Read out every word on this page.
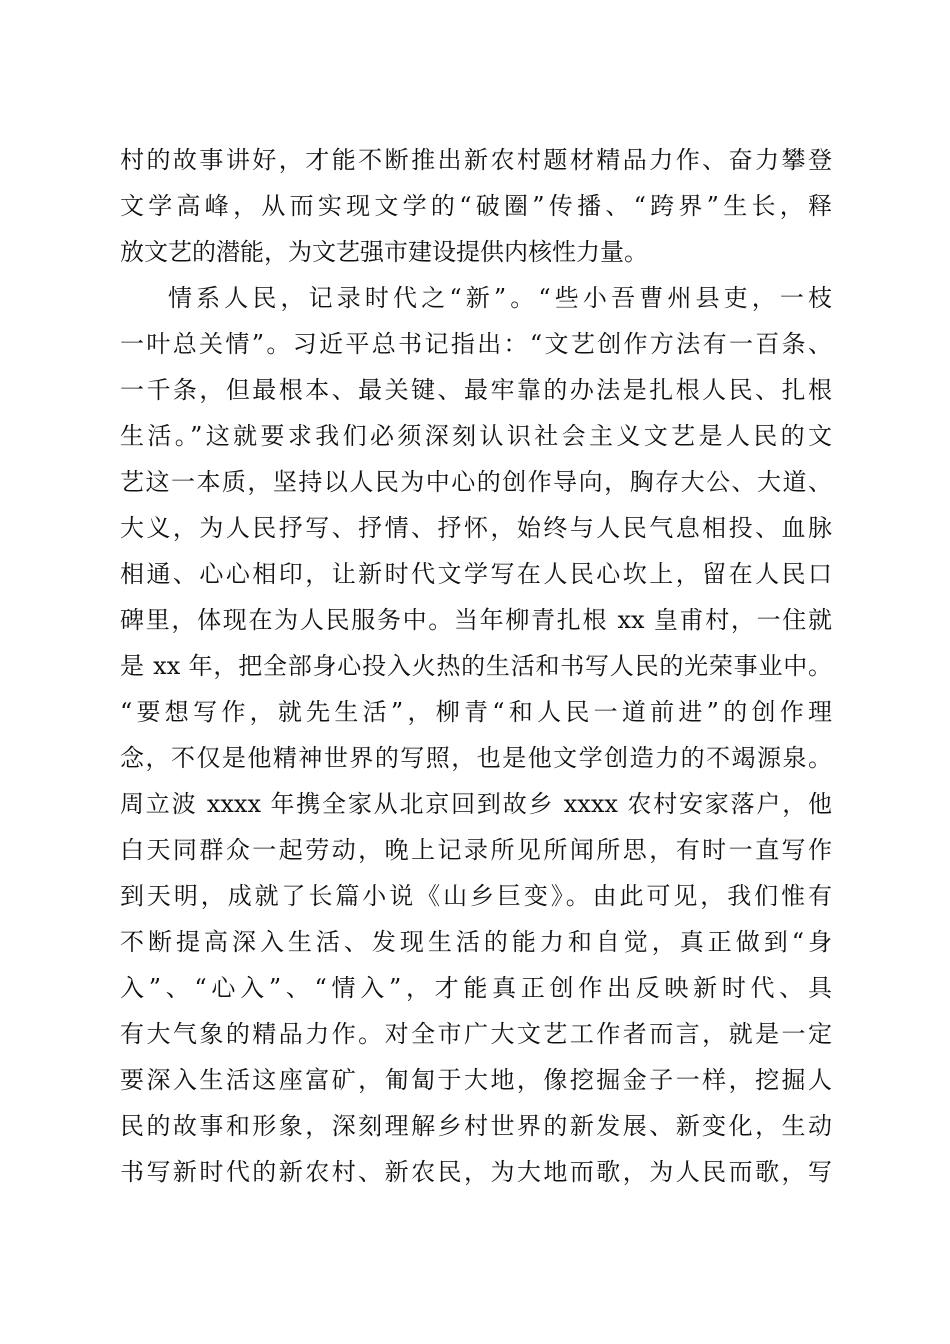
村的故事讲好，才能不断推出新农村题材精品力作、奋力攀登
文学高峰，从而实现文学的“破圈”传播、“跨界”生长，释
放文艺的潜能，为文艺强市建设提供内核性力量。
情系人民，记录时代之“新”。“些小吾曹州县吏，一枝
一叶总关情”。习近平总书记指出：“文艺创作方法有一百条、
一千条，但最根本、最关键、最牢靠的办法是扎根人民、扎根
生活。”这就要求我们必须深刻认识社会主义文艺是人民的文
艺这一本质，坚持以人民为中心的创作导向，胸存大公、大道、
大义，为人民抒写、抒情、抒怀，始终与人民气息相投、血脉
相通、心心相印，让新时代文学写在人民心坎上，留在人民口
碑里，体现在为人民服务中。当年柳青扎根 xx 皇甫村，一住就
是 xx 年，把全部身心投入火热的生活和书写人民的光荣事业中。
“要想写作，就先生活”，柳青“和人民一道前进”的创作理
念，不仅是他精神世界的写照，也是他文学创造力的不竭源泉。
周立波 xxxx 年携全家从北京回到故乡 xxxx 农村安家落户，他
白天同群众一起劳动，晚上记录所见所闻所思，有时一直写作
到天明，成就了长篇小说《山乡巨变》。由此可见，我们惟有
不断提高深入生活、发现生活的能力和自觉，真正做到“身
入”、“心入”、“情入”，才能真正创作出反映新时代、具
有大气象的精品力作。对全市广大文艺工作者而言，就是一定
要深入生活这座富矿，匍匐于大地，像挖掘金子一样，挖掘人
民的故事和形象，深刻理解乡村世界的新发展、新变化，生动
书写新时代的新农村、新农民，为大地而歌，为人民而歌，写
